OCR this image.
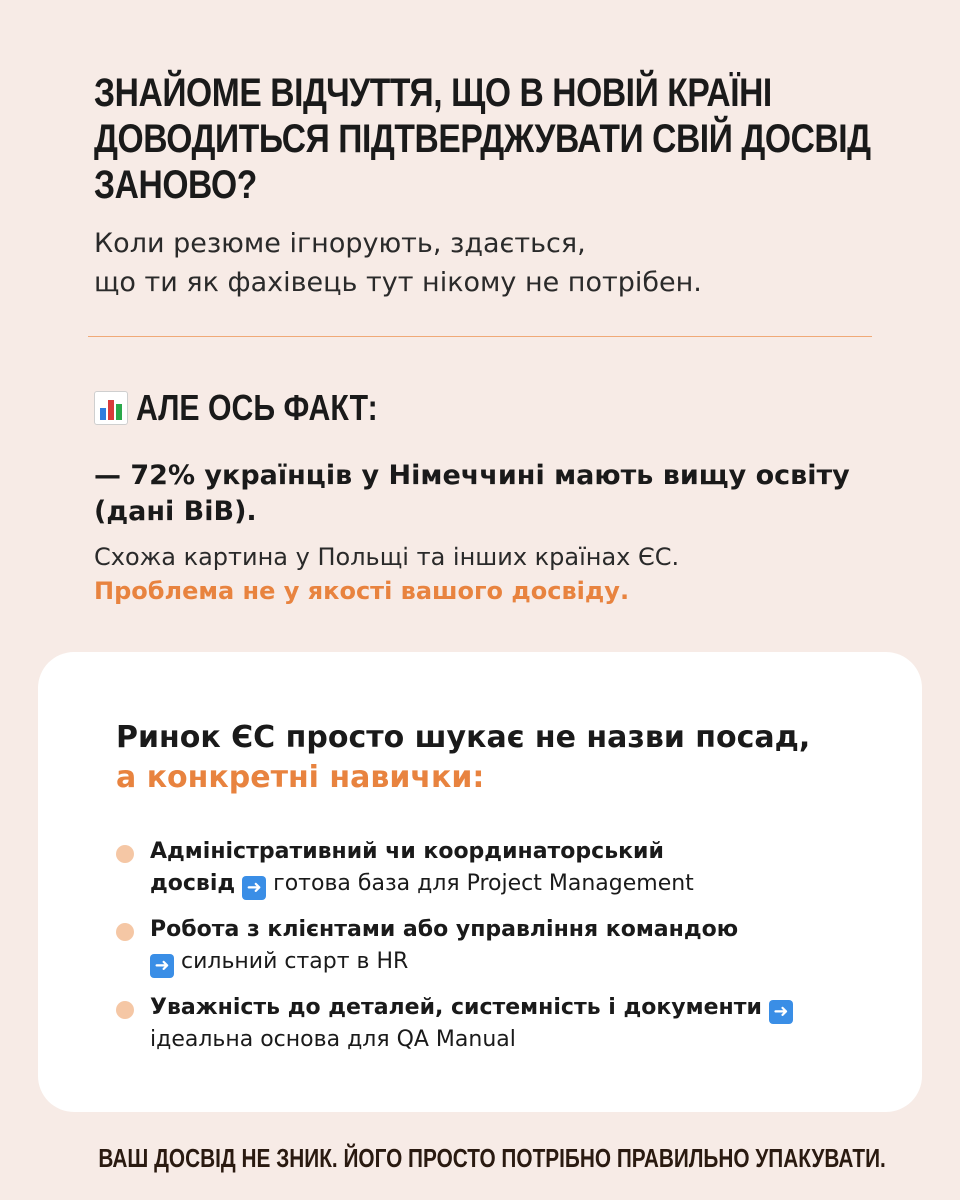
ЗНАЙОМЕ ВІДЧУТТЯ, ЩО В НОВІЙ КРАЇНІ
ДОВОДИТЬСЯ ПІДТВЕРДЖУВАТИ СВІЙ ДОСВІД
ЗАНОВО?

Коли резюме ігнорують, здається,
що ти як фахівець тут нікому не потрібен.

АЛЕ ОСЬ ФАКТ:

— 72% українців у Німеччині мають вищу освіту (дані BiB).

Схожа картина у Польщі та інших країнах ЄС.
Проблема не у якості вашого досвіду.

Ринок ЄС просто шукає не назви посад,
а конкретні навички:

Адміністративний чи координаторський досвід ➜ готова база для Project Management
Робота з клієнтами або управління командою
➜ сильний старт в HR
Уважність до деталей, системність і документи ➜
ідеальна основа для QA Manual
ВАШ ДОСВІД НЕ ЗНИК. ЙОГО ПРОСТО ПОТРІБНО ПРАВИЛЬНО УПАКУВАТИ.
